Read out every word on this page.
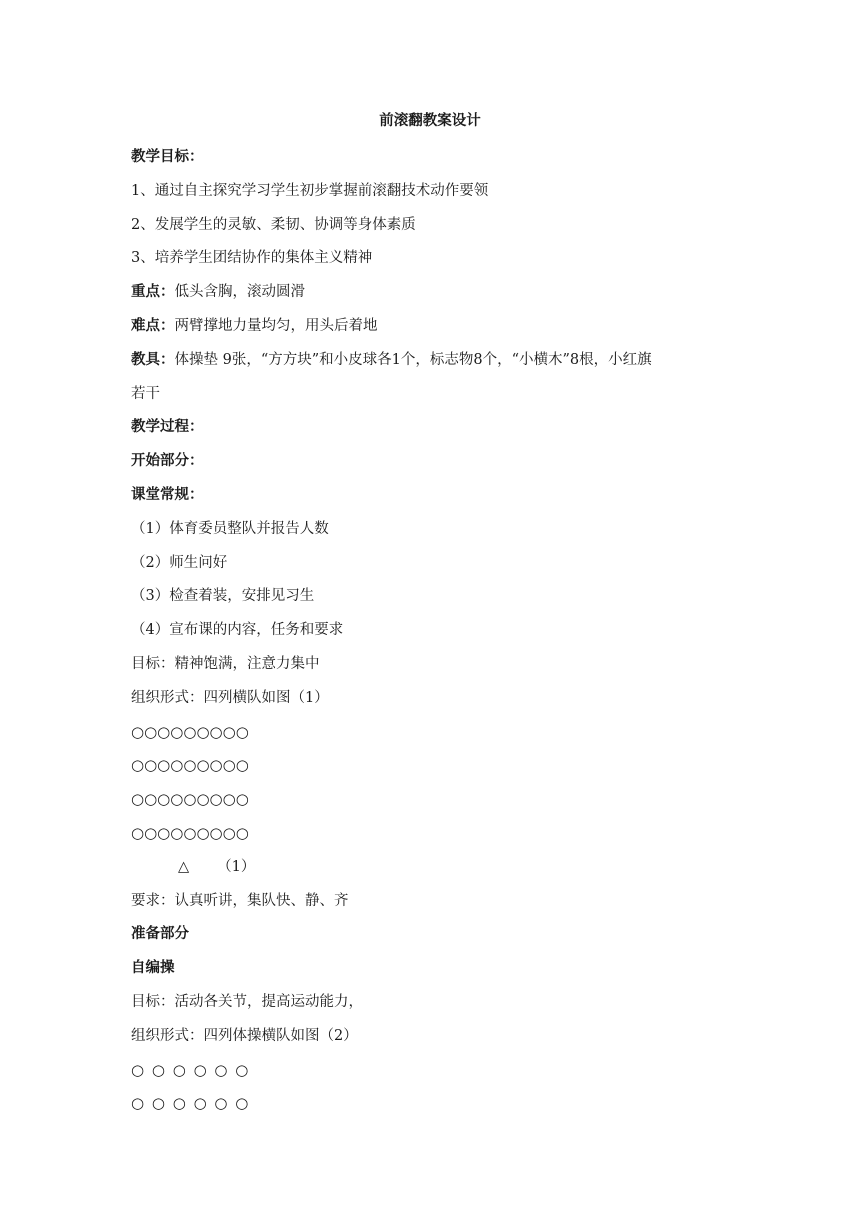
前滚翻教案设计
教学目标：
1、通过自主探究学习学生初步掌握前滚翻技术动作要领
2、发展学生的灵敏、柔韧、协调等身体素质
3、培养学生团结协作的集体主义精神
重点：低头含胸，滚动圆滑
难点：两臂撑地力量均匀，用头后着地
教具：体操垫 9张，“方方块”和小皮球各1个，标志物8个，“小横木”8根，小红旗
若干
教学过程：
开始部分：
课堂常规：
（1）体育委员整队并报告人数
（2）师生问好
（3）检查着装，安排见习生
（4）宣布课的内容，任务和要求
目标：精神饱满，注意力集中
组织形式：四列横队如图（1）
○○○○○○○○○
○○○○○○○○○
○○○○○○○○○
○○○○○○○○○
△ （1）
要求：认真听讲，集队快、静、齐
准备部分
自编操
目标：活动各关节，提高运动能力，
组织形式：四列体操横队如图（2）
○ ○ ○ ○ ○ ○
○ ○ ○ ○ ○ ○
